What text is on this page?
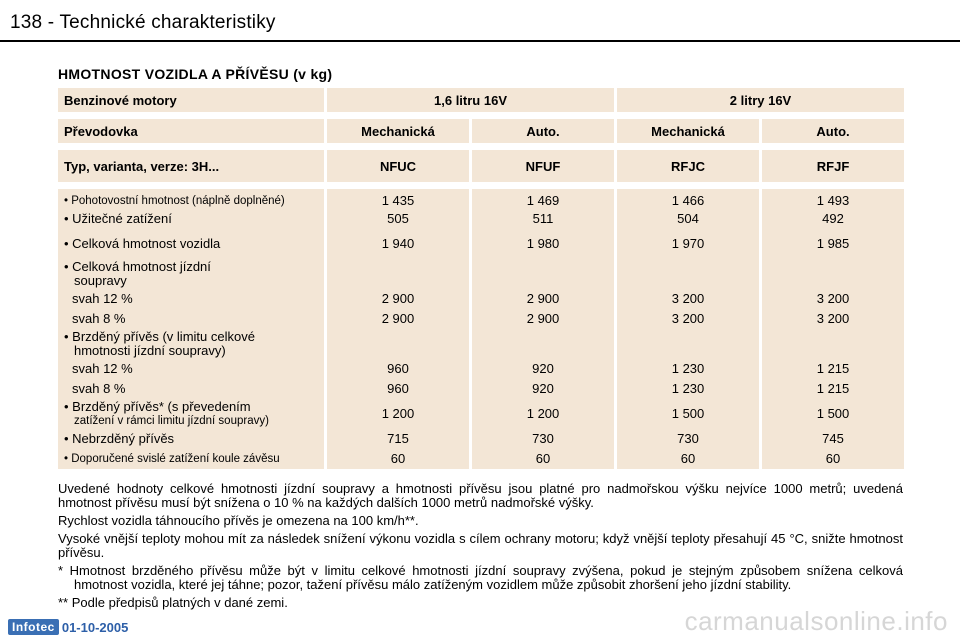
138 - Technické charakteristiky
HMOTNOST VOZIDLA A PŘÍVĚSU (v kg)
Benzinové motory	1,6 litru 16V		2 litry 16V	

Převodovka	Mechanická	Auto.	Mechanická	Auto.

Typ, varianta, verze: 3H...	NFUC	NFUF	RFJC	RFJF

• Pohotovostní hmotnost (náplně doplněné)	1 435	1 469	1 466	1 493
• Užitečné zatížení	505	511	504	492
• Celková hmotnost vozidla	1 940	1 980	1 970	1 985
• Celková hmotnost jízdní
soupravy				

svah 12 %	2 900	2 900	3 200	3 200
svah 8 %	2 900	2 900	3 200	3 200
• Brzděný přívěs (v limitu celkové
hmotnosti jízdní soupravy)				

svah 12 %	960	920	1 230	1 215
svah 8 %	960	920	1 230	1 215
• Brzděný přívěs* (s převedením
zatížení v rámci limitu jízdní soupravy)	1 200	1 200	1 500	1 500
• Nebrzděný přívěs	715	730	730	745
• Doporučené svislé zatížení koule závěsu	60	60	60	60

Uvedené hodnoty celkové hmotnosti jízdní soupravy a hmotnosti přívěsu jsou platné pro nadmořskou výšku nejvíce 1000 metrů; uvedená hmotnost přívěsu musí být snížena o 10 % na každých dalších 1000 metrů nadmořské výšky.

Rychlost vozidla táhnoucího přívěs je omezena na 100 km/h**.

Vysoké vnější teploty mohou mít za následek snížení výkonu vozidla s cílem ochrany motoru; když vnější teploty přesahují 45 °C, snižte hmotnost přívěsu.

* Hmotnost brzděného přívěsu může být v limitu celkové hmotnosti jízdní soupravy zvýšena, pokud je stejným způsobem snížena celková hmotnost vozidla, které jej táhne; pozor, tažení přívěsu málo zatíženým vozidlem může způsobit zhoršení jeho jízdní stability.

** Podle předpisů platných v dané zemi.

Infotec 01-10-2005	carmanualsonline.info
